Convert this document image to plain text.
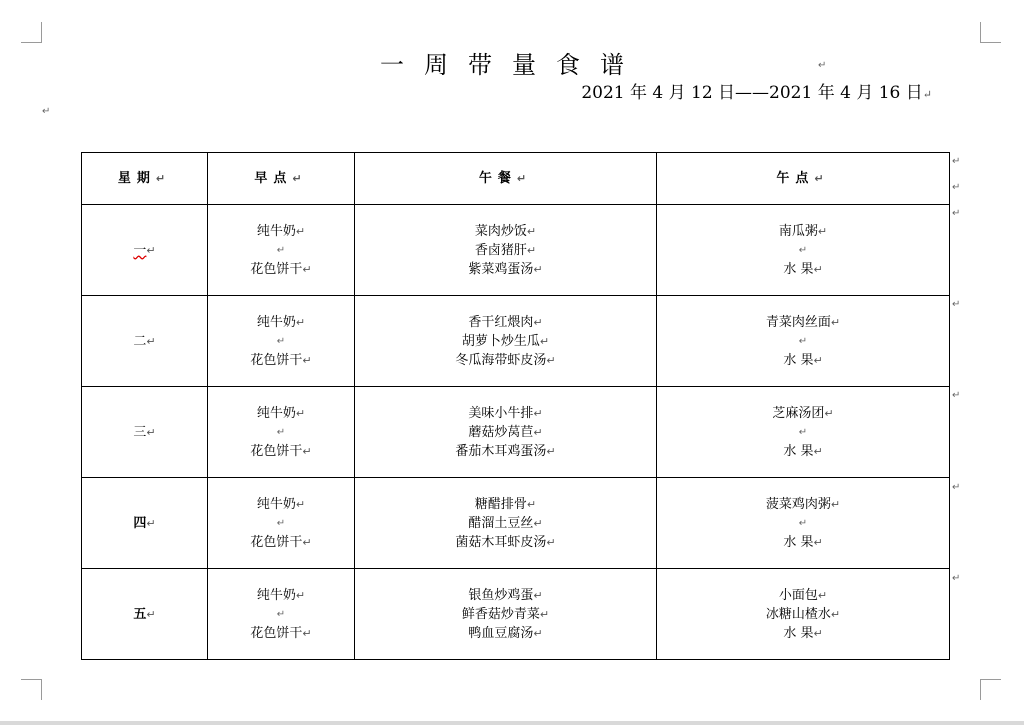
一周带量食谱	↵
2021 年 4 月 12 日——2021 年 4 月 16 日↵
↵
星期↵	早点↵	午餐↵	午点↵
一↵	纯牛奶↵
↵
花色饼干↵	菜肉炒饭↵
香卤猪肝↵
紫菜鸡蛋汤↵	南瓜粥↵
↵
水 果↵

二↵	纯牛奶↵
↵
花色饼干↵	香干红煨肉↵
胡萝卜炒生瓜↵
冬瓜海带虾皮汤↵	青菜肉丝面↵
↵
水 果↵

三↵	纯牛奶↵
↵
花色饼干↵	美味小牛排↵
蘑菇炒莴苣↵
番茄木耳鸡蛋汤↵	芝麻汤团↵
↵
水 果↵

四↵	纯牛奶↵
↵
花色饼干↵	糖醋排骨↵
醋溜土豆丝↵
菌菇木耳虾皮汤↵	菠菜鸡肉粥↵
↵
水 果↵

五↵	纯牛奶↵
↵
花色饼干↵	银鱼炒鸡蛋↵
鲜香菇炒青菜↵
鸭血豆腐汤↵	小面包↵
冰糖山楂水↵
水 果↵
↵
↵
↵
↵
↵
↵
↵
